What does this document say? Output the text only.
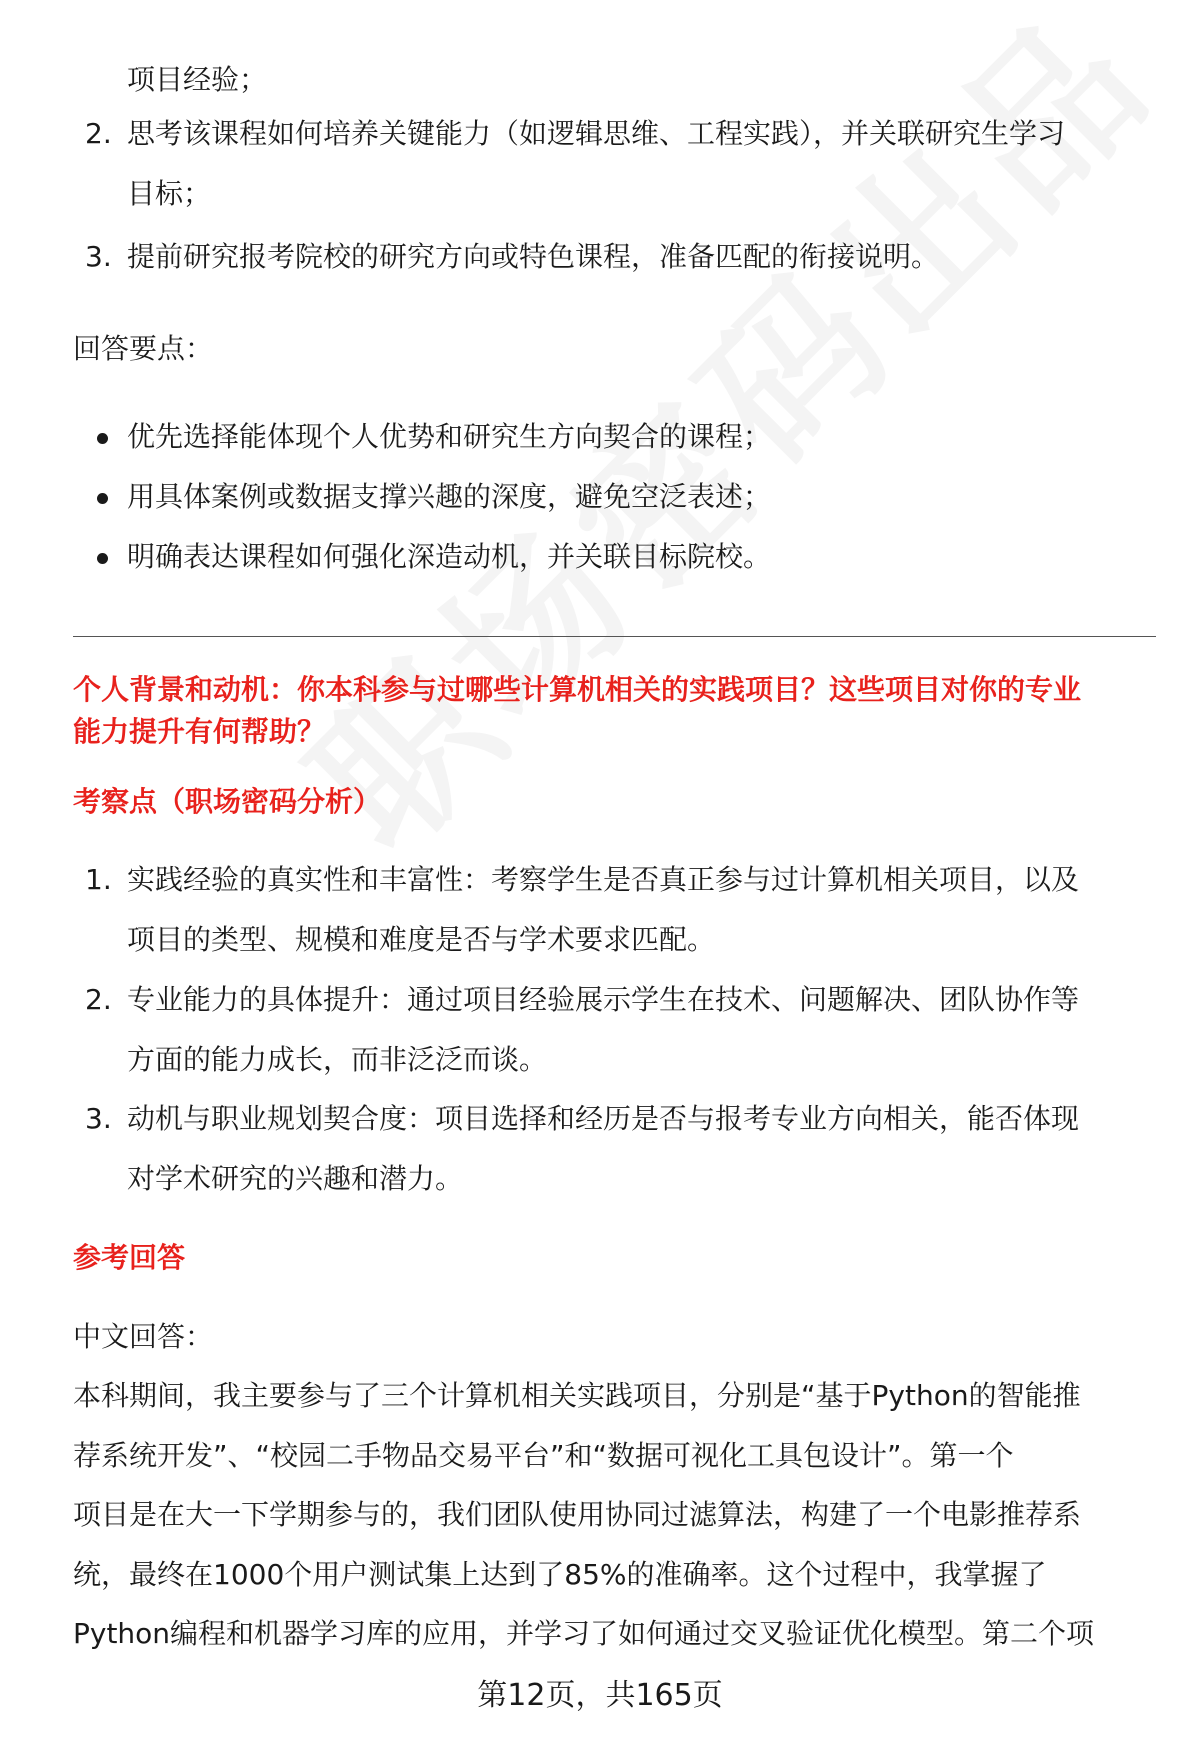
项目经验；
2. 思考该课程如何培养关键能力（如逻辑思维、工程实践），并关联研究生学习
目标；
3. 提前研究报考院校的研究方向或特色课程，准备匹配的衔接说明。
回答要点：
优先选择能体现个人优势和研究生方向契合的课程；
用具体案例或数据支撑兴趣的深度，避免空泛表述；
明确表达课程如何强化深造动机，并关联目标院校。
个人背景和动机：你本科参与过哪些计算机相关的实践项目？这些项目对你的专业
能力提升有何帮助？
考察点（职场密码分析）
1. 实践经验的真实性和丰富性：考察学生是否真正参与过计算机相关项目，以及
项目的类型、规模和难度是否与学术要求匹配。
2. 专业能力的具体提升：通过项目经验展示学生在技术、问题解决、团队协作等
方面的能力成长，而非泛泛而谈。
3. 动机与职业规划契合度：项目选择和经历是否与报考专业方向相关，能否体现
对学术研究的兴趣和潜力。
参考回答
中文回答：
本科期间，我主要参与了三个计算机相关实践项目，分别是“基于Python的智能推
荐系统开发”、“校园二手物品交易平台”和“数据可视化工具包设计”。第一个
项目是在大一下学期参与的，我们团队使用协同过滤算法，构建了一个电影推荐系
统，最终在1000个用户测试集上达到了85%的准确率。这个过程中，我掌握了
Python编程和机器学习库的应用，并学习了如何通过交叉验证优化模型。第二个项
第12页，共165页
